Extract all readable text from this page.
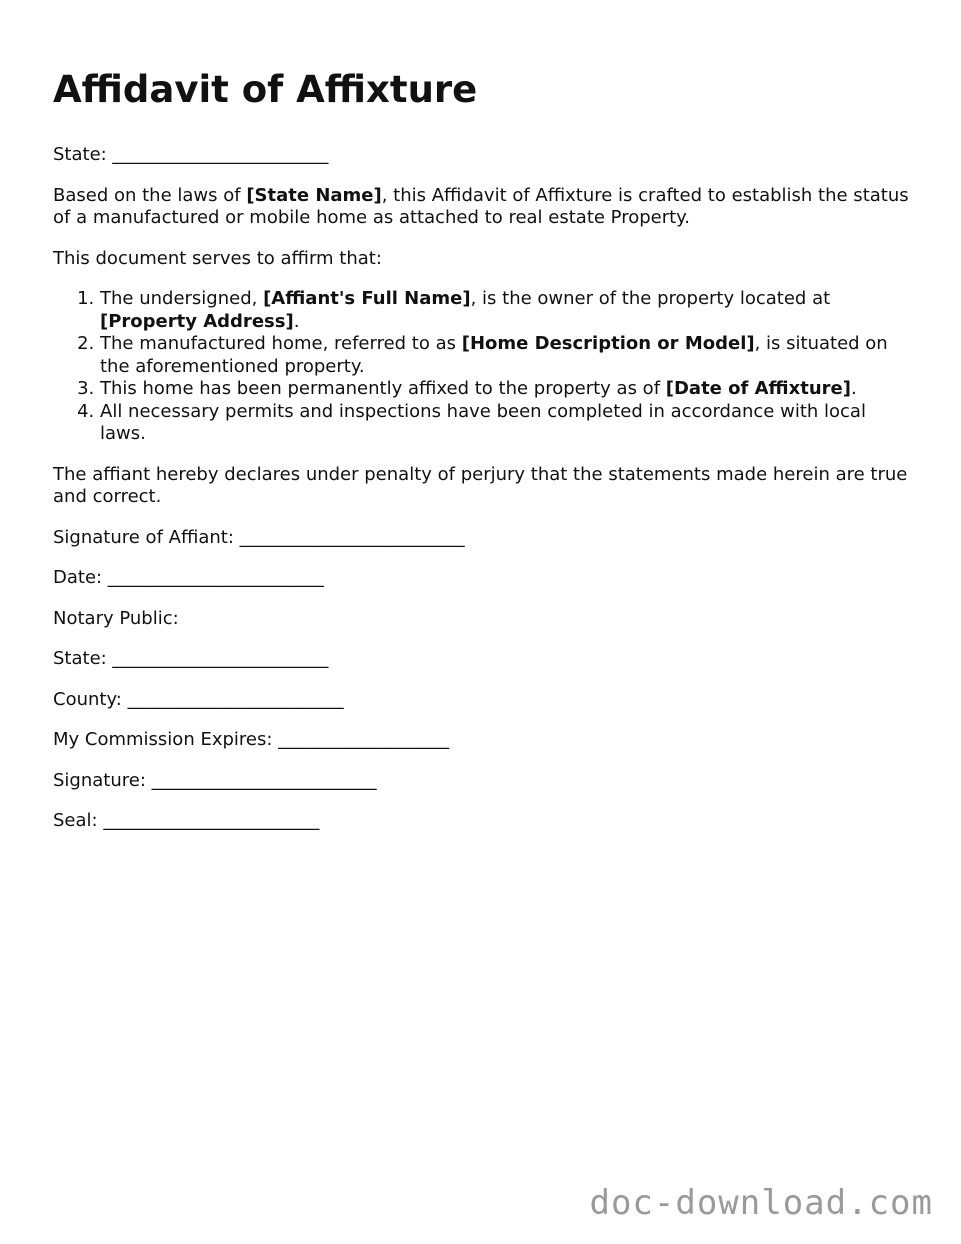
Affidavit of Affixture

State: ________________________

Based on the laws of [State Name], this Affidavit of Affixture is crafted to establish the status of a manufactured or mobile home as attached to real estate Property.

This document serves to affirm that:

1. The undersigned, [Affiant's Full Name], is the owner of the property located at [Property Address].
2. The manufactured home, referred to as [Home Description or Model], is situated on the aforementioned property.
3. This home has been permanently affixed to the property as of [Date of Affixture].
4. All necessary permits and inspections have been completed in accordance with local laws.

The affiant hereby declares under penalty of perjury that the statements made herein are true and correct.

Signature of Affiant: _________________________

Date: ________________________

Notary Public:

State: ________________________

County: ________________________

My Commission Expires: ___________________

Signature: _________________________

Seal: ________________________

doc-download.com
